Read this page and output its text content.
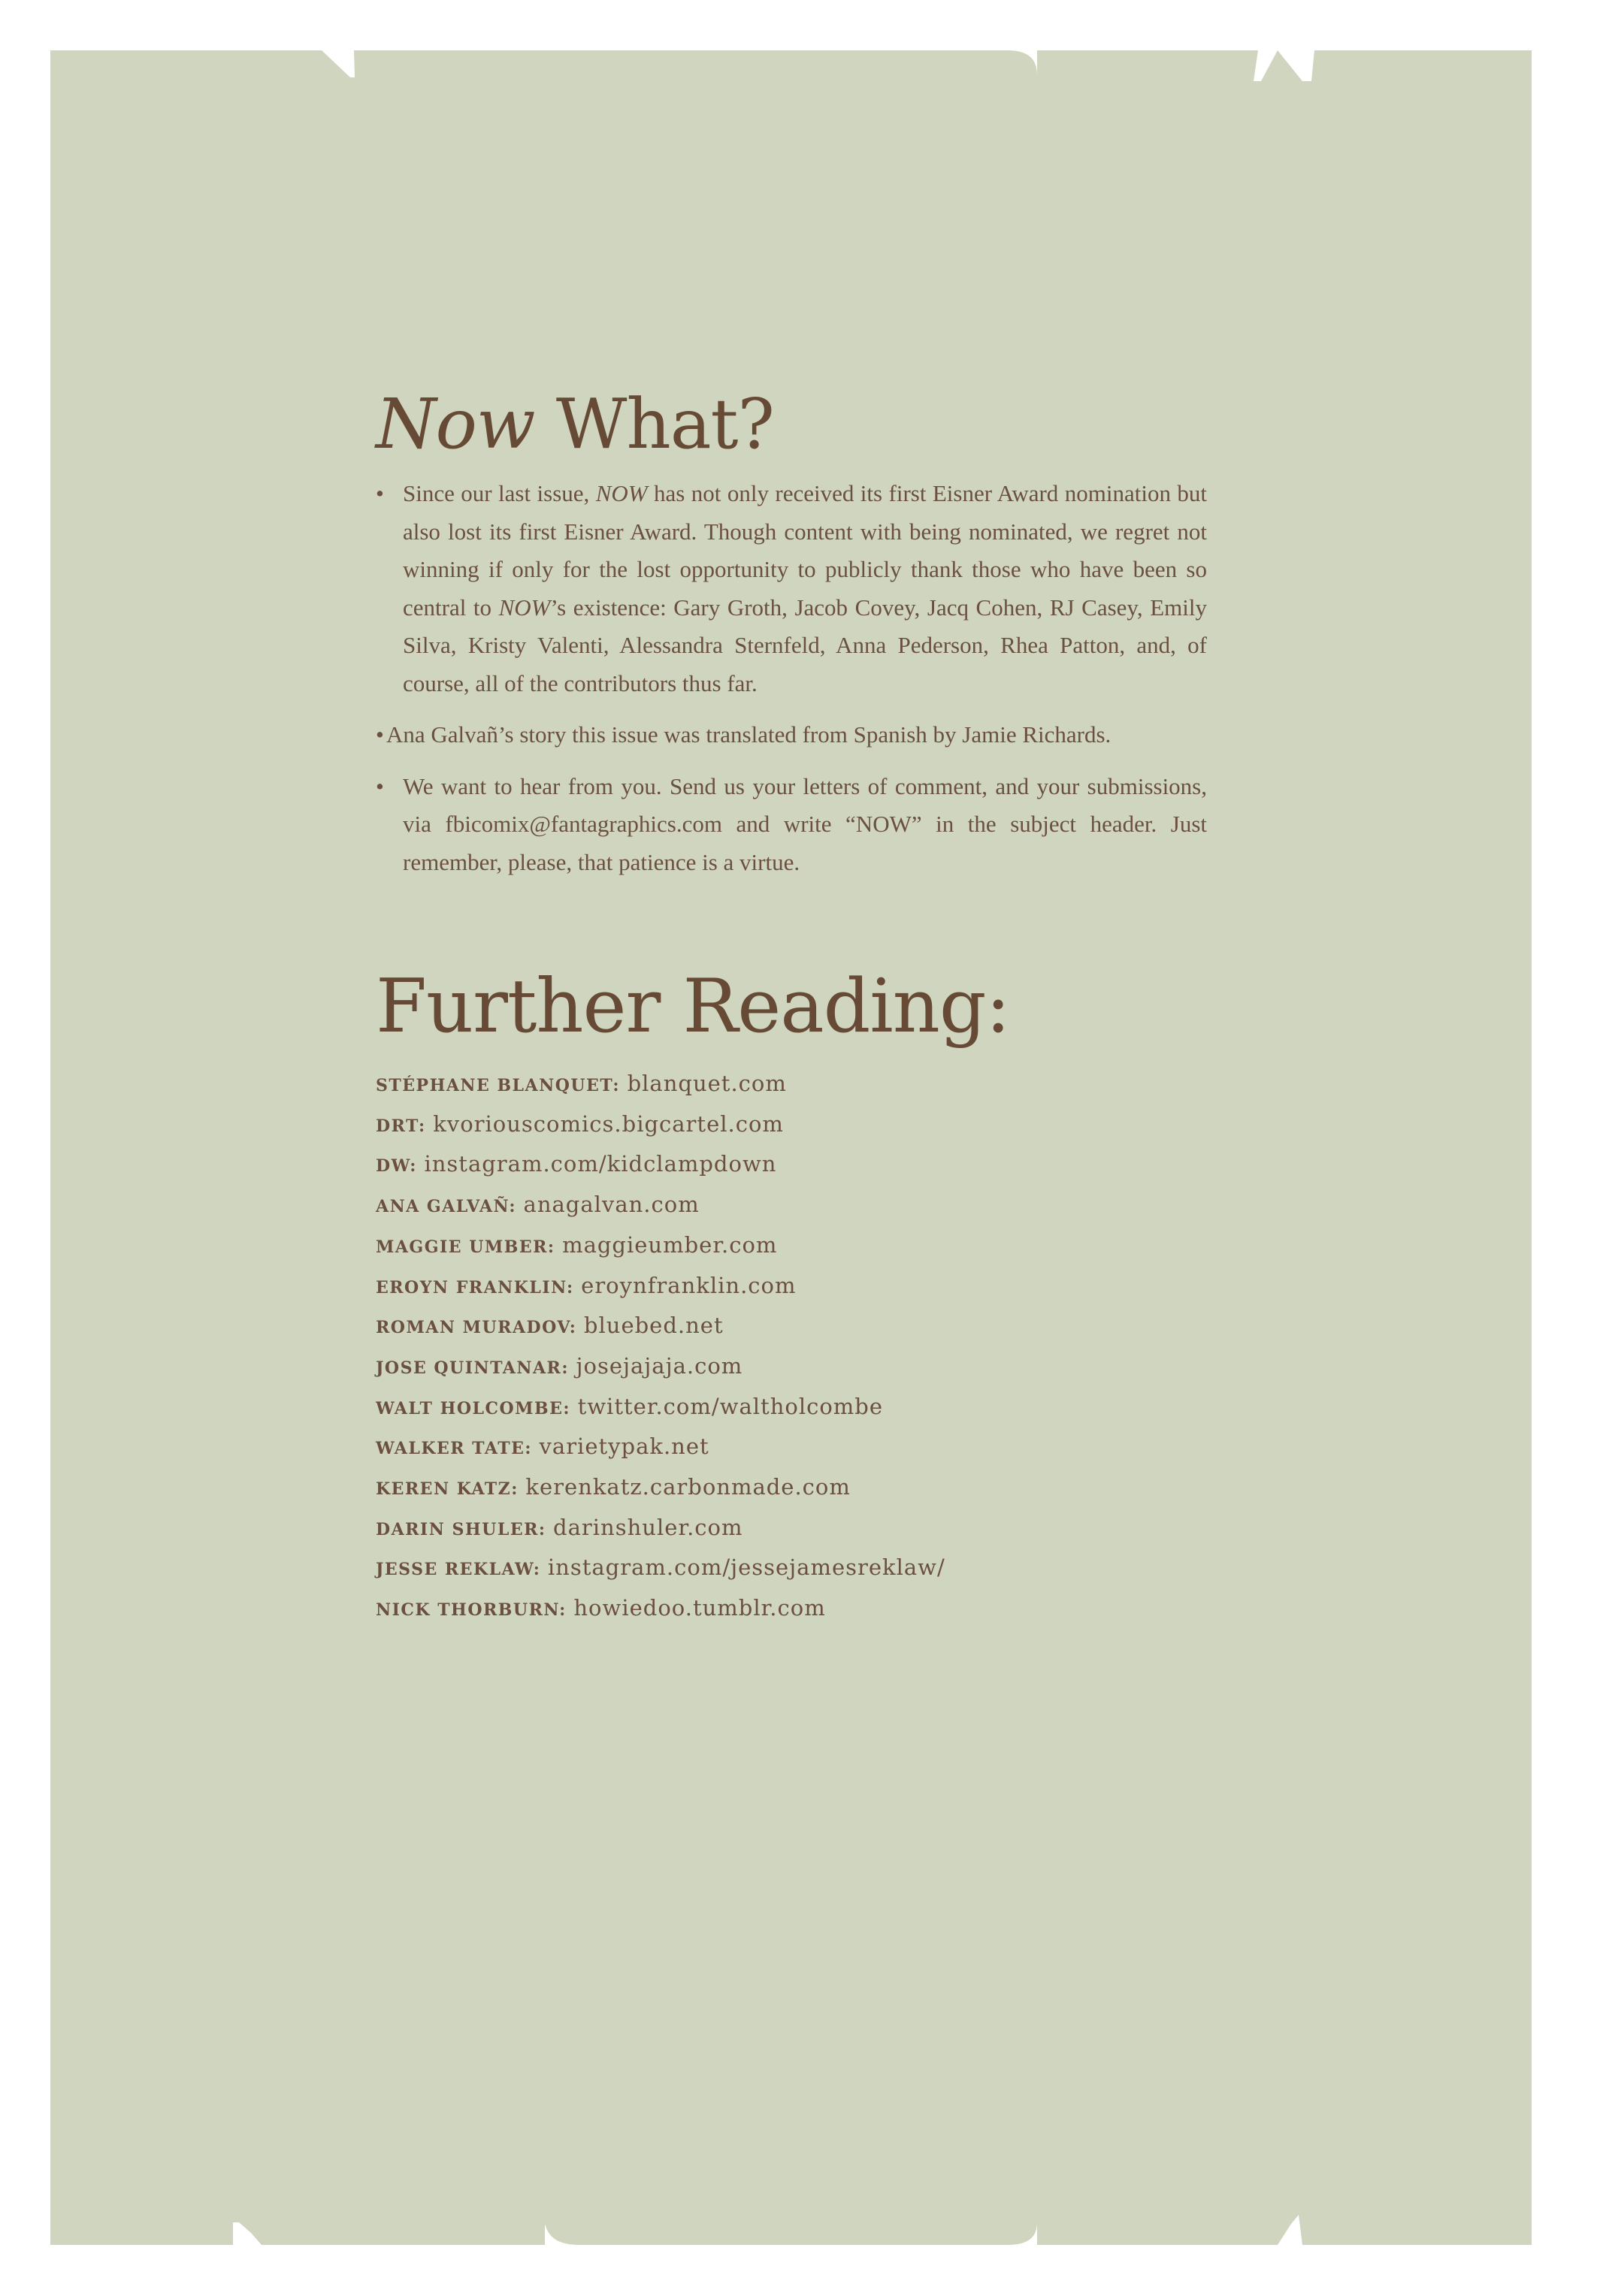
Now What?
• Since our last issue, NOW has not only received its first Eisner Award nomination but also lost its first Eisner Award. Though content with being nominated, we regret not winning if only for the lost opportunity to publicly thank those who have been so central to NOW’s existence: Gary Groth, Jacob Covey, Jacq Cohen, RJ Casey, Emily Silva, Kristy Valenti, Alessandra Sternfeld, Anna Pederson, Rhea Patton, and, of course, all of the contributors thus far.
• Ana Galvañ’s story this issue was translated from Spanish by Jamie Richards.
• We want to hear from you. Send us your letters of comment, and your submissions, via fbicomix@fantagraphics.com and write “NOW” in the subject header. Just remember, please, that patience is a virtue.
Further Reading:
STÉPHANE BLANQUET: blanquet.com
DRT: kvoriouscomics.bigcartel.com
DW: instagram.com/kidclampdown
ANA GALVAÑ: anagalvan.com
MAGGIE UMBER: maggieumber.com
EROYN FRANKLIN: eroynfranklin.com
ROMAN MURADOV: bluebed.net
JOSE QUINTANAR: josejajaja.com
WALT HOLCOMBE: twitter.com/waltholcombe
WALKER TATE: varietypak.net
KEREN KATZ: kerenkatz.carbonmade.com
DARIN SHULER: darinshuler.com
JESSE REKLAW: instagram.com/jessejamesreklaw/
NICK THORBURN: howiedoo.tumblr.com
